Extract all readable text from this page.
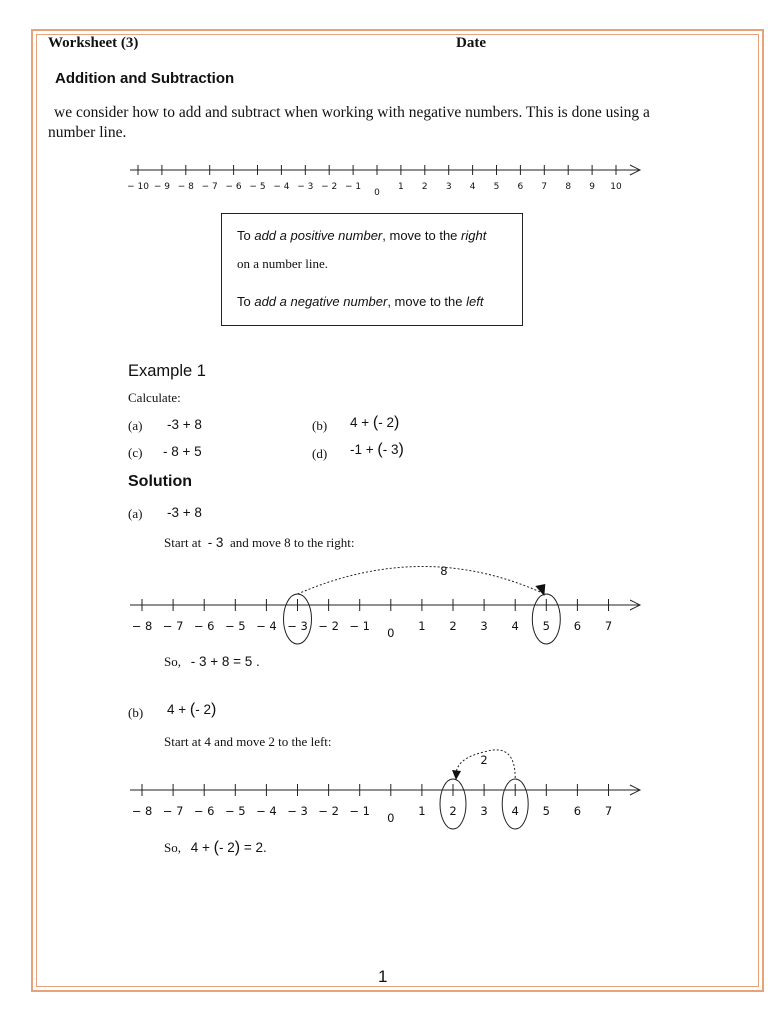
Worksheet (3)	Date
Addition and Subtraction
we consider how to add and subtract when working with negative numbers. This is done using a number line.
− 10 − 9 − 8 − 7 − 6 − 5 − 4 − 3 − 2 − 1
0
1 2 3 4 5 6 7 8 9 10
To add a positive number, move to the right
on a number line.
To add a negative number, move to the left
Example 1
Calculate:
(a) -3 + 8	(b) 4 + (- 2)
(c) - 8 + 5	(d) -1 + (- 3)
Solution
(a) -3 + 8
Start at - 3 and move 8 to the right:
− 8 − 7 − 6 − 5 − 4 − 3 − 2 − 1 0 1 2 3 4 5 6 7
8
So, - 3 + 8 = 5 .
(b) 4 + (- 2)
Start at 4 and move 2 to the left:
− 8 − 7 − 6 − 5 − 4 − 3 − 2 − 1 0 1 2 3 4 5 6 7
2
So, 4 + (- 2) = 2.
1
